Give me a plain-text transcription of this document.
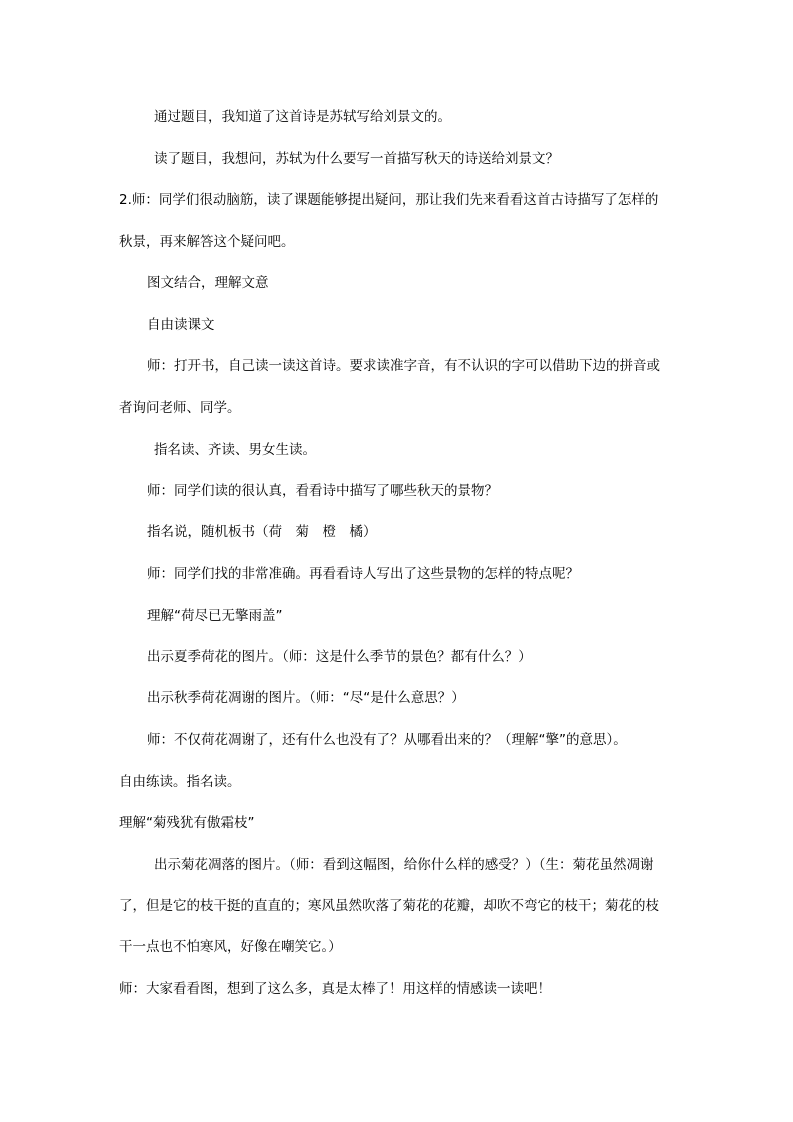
通过题目，我知道了这首诗是苏轼写给刘景文的。
读了题目，我想问，苏轼为什么要写一首描写秋天的诗送给刘景文？
2.师：同学们很动脑筋，读了课题能够提出疑问，那让我们先来看看这首古诗描写了怎样的
秋景，再来解答这个疑问吧。
图文结合，理解文意
自由读课文
师：打开书，自己读一读这首诗。要求读准字音，有不认识的字可以借助下边的拼音或
者询问老师、同学。
指名读、齐读、男女生读。
师：同学们读的很认真，看看诗中描写了哪些秋天的景物？
指名说，随机板书（荷　菊　橙　橘）
师：同学们找的非常准确。再看看诗人写出了这些景物的怎样的特点呢？
理解“荷尽已无擎雨盖”
出示夏季荷花的图片。（师：这是什么季节的景色？都有什么？）
出示秋季荷花凋谢的图片。（师：“尽“是什么意思？）
师：不仅荷花凋谢了，还有什么也没有了？从哪看出来的？（理解“擎”的意思）。
自由练读。指名读。
理解“菊残犹有傲霜枝”
出示菊花凋落的图片。（师：看到这幅图，给你什么样的感受？）（生：菊花虽然凋谢
了，但是它的枝干挺的直直的；寒风虽然吹落了菊花的花瓣，却吹不弯它的枝干；菊花的枝
干一点也不怕寒风，好像在嘲笑它。）
师：大家看看图，想到了这么多，真是太棒了！用这样的情感读一读吧！
